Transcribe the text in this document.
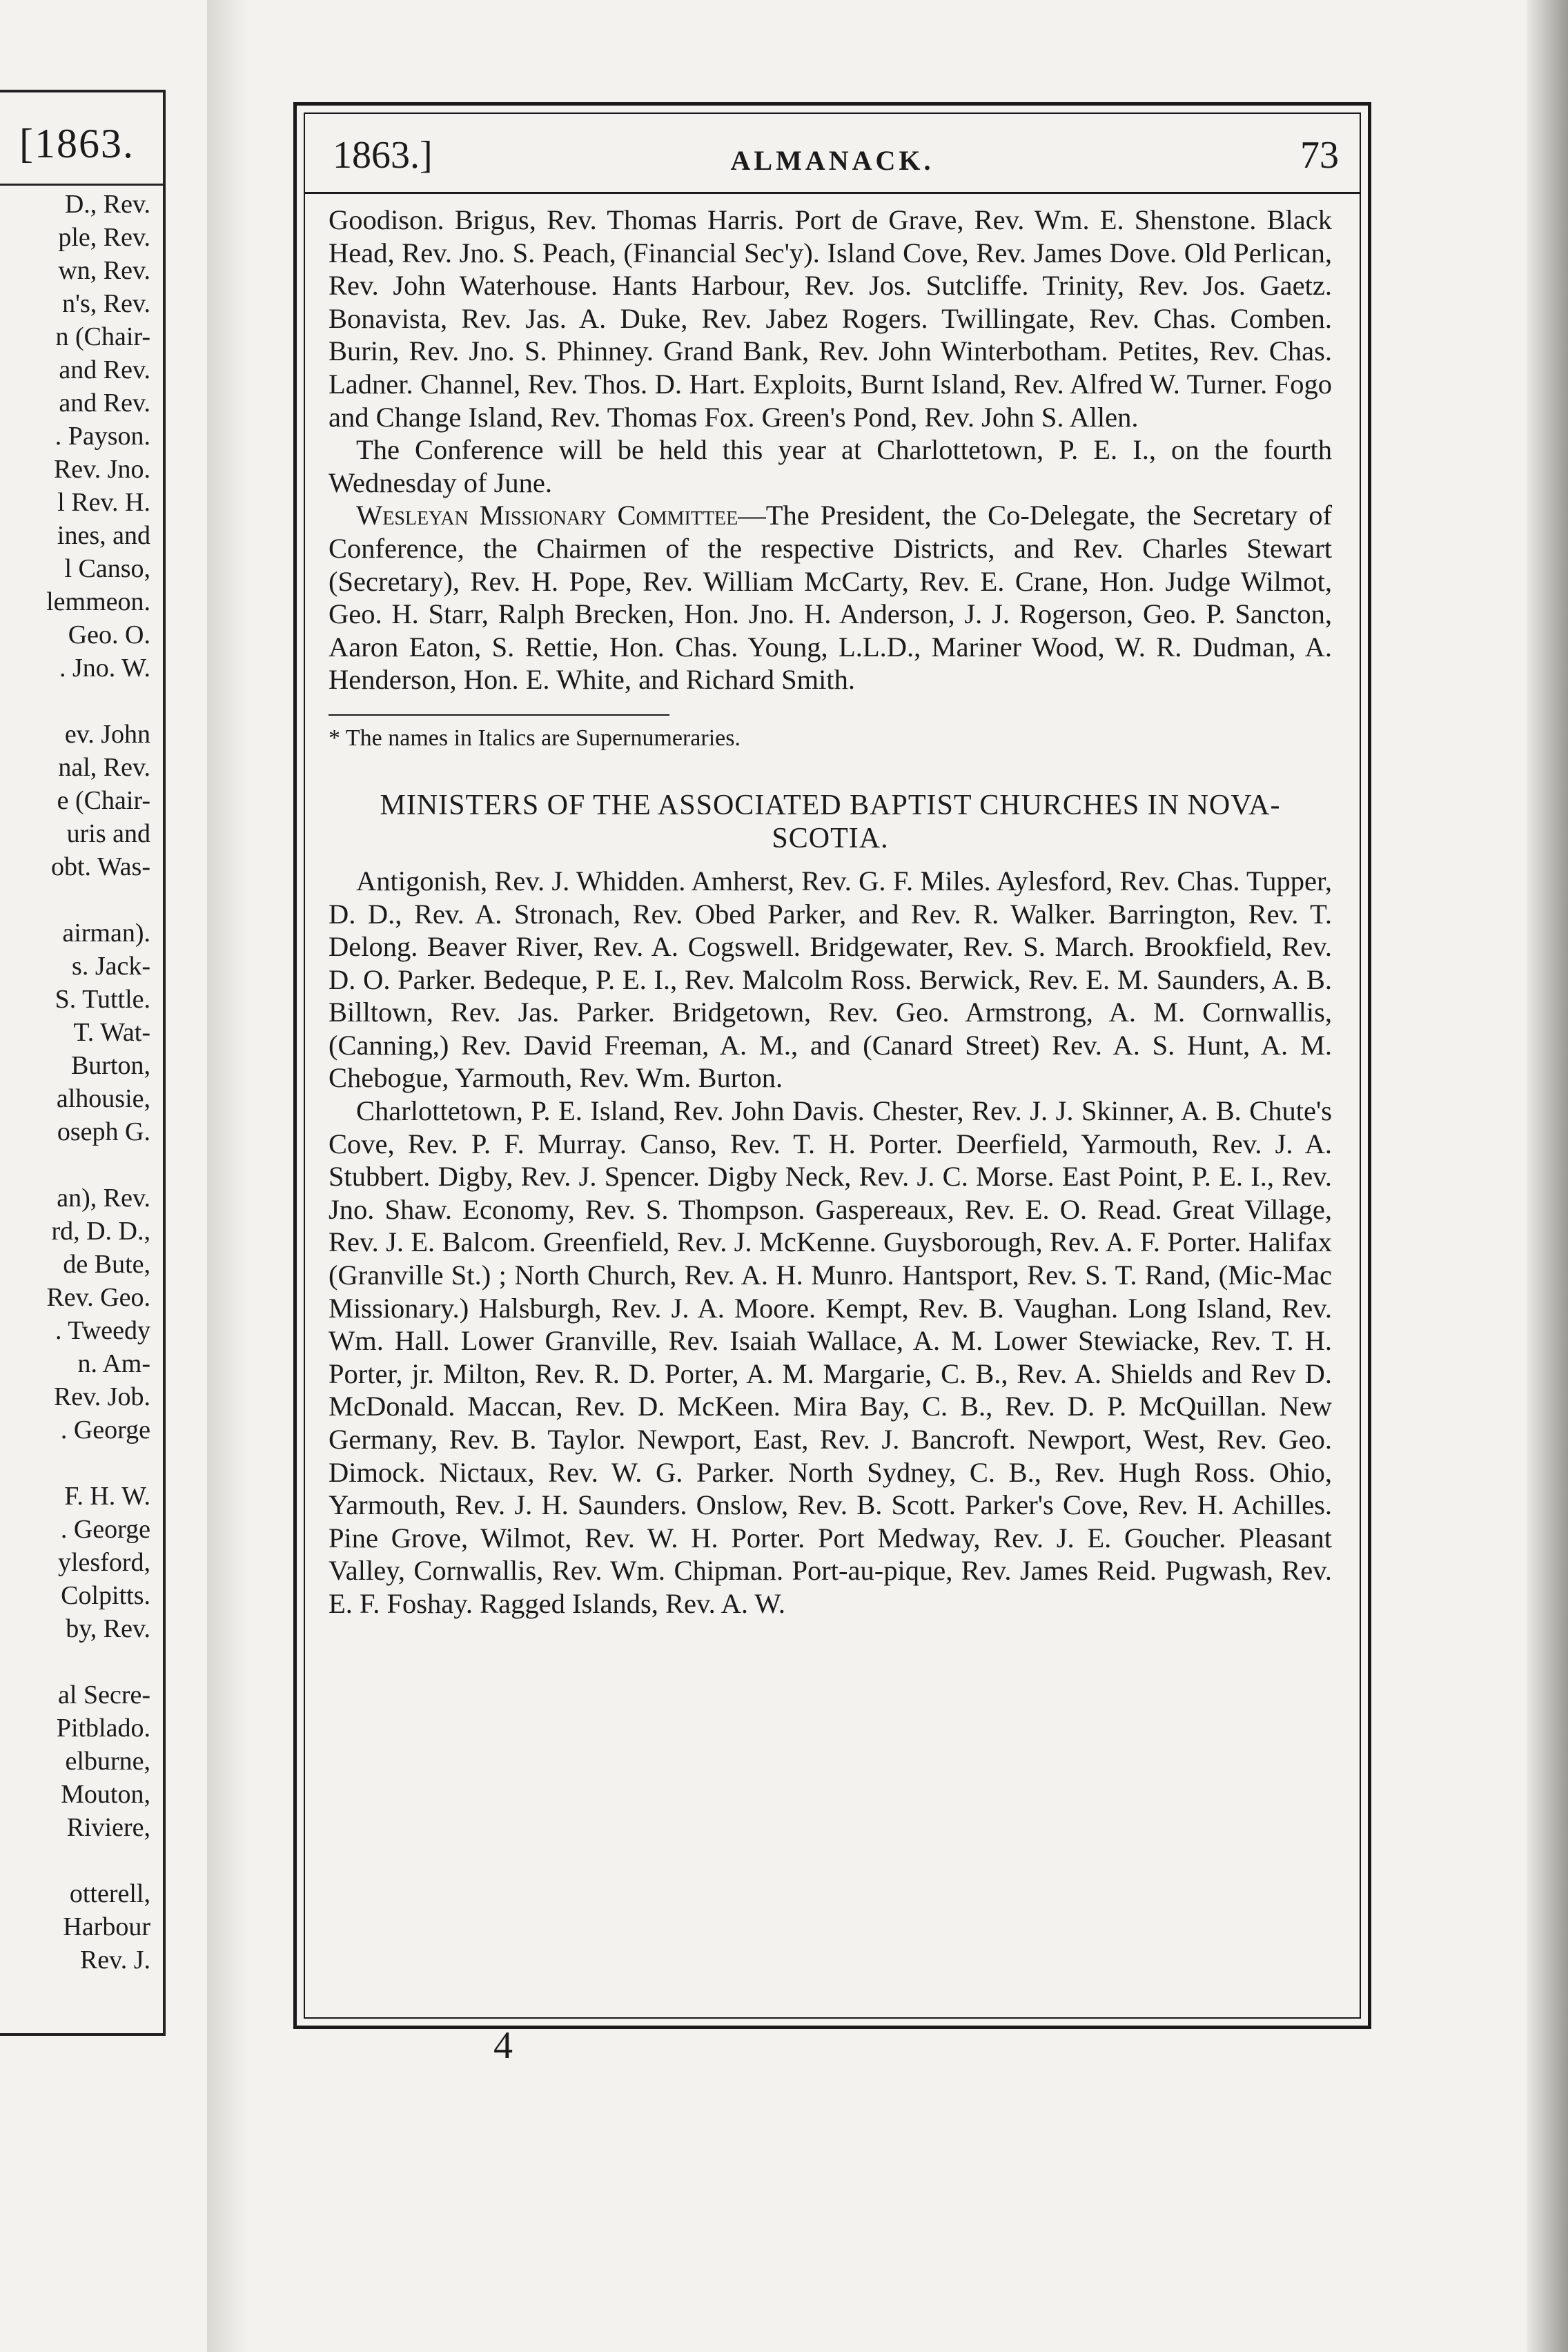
[1863.
D., Rev.
ple, Rev.
wn, Rev.
n's, Rev.
n (Chair-
and Rev.
and Rev.
. Payson.
Rev. Jno.
l Rev. H.
ines, and
l Canso,
lemmeon.
Geo. O.
. Jno. W.

ev. John
nal, Rev.
e (Chair-
uris and
obt. Was-

airman).
s. Jack-
S. Tuttle.
T. Wat-
Burton,
alhousie,
oseph G.

an), Rev.
rd, D. D.,
de Bute,
Rev. Geo.
. Tweedy
n. Am-
Rev. Job.
. George

F. H. W.
. George
ylesford,
Colpitts.
by, Rev.

al Secre-
Pitblado.
elburne,
Mouton,
Riviere,

otterell,
Harbour
Rev. J.
1863.]	ALMANACK.	73

Goodison. Brigus, Rev. Thomas Harris. Port de Grave, Rev. Wm. E. Shenstone. Black Head, Rev. Jno. S. Peach, (Financial Sec'y). Island Cove, Rev. James Dove. Old Perlican, Rev. John Waterhouse. Hants Harbour, Rev. Jos. Sutcliffe. Trinity, Rev. Jos. Gaetz. Bonavista, Rev. Jas. A. Duke, Rev. Jabez Rogers. Twillingate, Rev. Chas. Comben. Burin, Rev. Jno. S. Phinney. Grand Bank, Rev. John Winterbotham. Petites, Rev. Chas. Ladner. Channel, Rev. Thos. D. Hart. Exploits, Burnt Island, Rev. Alfred W. Turner. Fogo and Change Island, Rev. Thomas Fox. Green's Pond, Rev. John S. Allen.

The Conference will be held this year at Charlottetown, P. E. I., on the fourth Wednesday of June.

Wesleyan Missionary Committee—The President, the Co-Delegate, the Secretary of Conference, the Chairmen of the respective Districts, and Rev. Charles Stewart (Secretary), Rev. H. Pope, Rev. William McCarty, Rev. E. Crane, Hon. Judge Wilmot, Geo. H. Starr, Ralph Brecken, Hon. Jno. H. Anderson, J. J. Rogerson, Geo. P. Sancton, Aaron Eaton, S. Rettie, Hon. Chas. Young, L.L.D., Mariner Wood, W. R. Dudman, A. Henderson, Hon. E. White, and Richard Smith.

* The names in Italics are Supernumeraries.

MINISTERS OF THE ASSOCIATED BAPTIST CHURCHES IN NOVA-SCOTIA.

Antigonish, Rev. J. Whidden. Amherst, Rev. G. F. Miles. Aylesford, Rev. Chas. Tupper, D. D., Rev. A. Stronach, Rev. Obed Parker, and Rev. R. Walker. Barrington, Rev. T. Delong. Beaver River, Rev. A. Cogswell. Bridgewater, Rev. S. March. Brookfield, Rev. D. O. Parker. Bedeque, P. E. I., Rev. Malcolm Ross. Berwick, Rev. E. M. Saunders, A. B. Billtown, Rev. Jas. Parker. Bridgetown, Rev. Geo. Armstrong, A. M. Cornwallis, (Canning,) Rev. David Freeman, A. M., and (Canard Street) Rev. A. S. Hunt, A. M. Chebogue, Yarmouth, Rev. Wm. Burton.

Charlottetown, P. E. Island, Rev. John Davis. Chester, Rev. J. J. Skinner, A. B. Chute's Cove, Rev. P. F. Murray. Canso, Rev. T. H. Porter. Deerfield, Yarmouth, Rev. J. A. Stubbert. Digby, Rev. J. Spencer. Digby Neck, Rev. J. C. Morse. East Point, P. E. I., Rev. Jno. Shaw. Economy, Rev. S. Thompson. Gaspereaux, Rev. E. O. Read. Great Village, Rev. J. E. Balcom. Greenfield, Rev. J. McKenne. Guysborough, Rev. A. F. Porter. Halifax (Granville St.) ; North Church, Rev. A. H. Munro. Hantsport, Rev. S. T. Rand, (Mic-Mac Missionary.) Halsburgh, Rev. J. A. Moore. Kempt, Rev. B. Vaughan. Long Island, Rev. Wm. Hall. Lower Granville, Rev. Isaiah Wallace, A. M. Lower Stewiacke, Rev. T. H. Porter, jr. Milton, Rev. R. D. Porter, A. M. Margarie, C. B., Rev. A. Shields and Rev D. McDonald. Maccan, Rev. D. McKeen. Mira Bay, C. B., Rev. D. P. McQuillan. New Germany, Rev. B. Taylor. Newport, East, Rev. J. Bancroft. Newport, West, Rev. Geo. Dimock. Nictaux, Rev. W. G. Parker. North Sydney, C. B., Rev. Hugh Ross. Ohio, Yarmouth, Rev. J. H. Saunders. Onslow, Rev. B. Scott. Parker's Cove, Rev. H. Achilles. Pine Grove, Wilmot, Rev. W. H. Porter. Port Medway, Rev. J. E. Goucher. Pleasant Valley, Cornwallis, Rev. Wm. Chipman. Port-au-pique, Rev. James Reid. Pugwash, Rev. E. F. Foshay. Ragged Islands, Rev. A. W.

4
